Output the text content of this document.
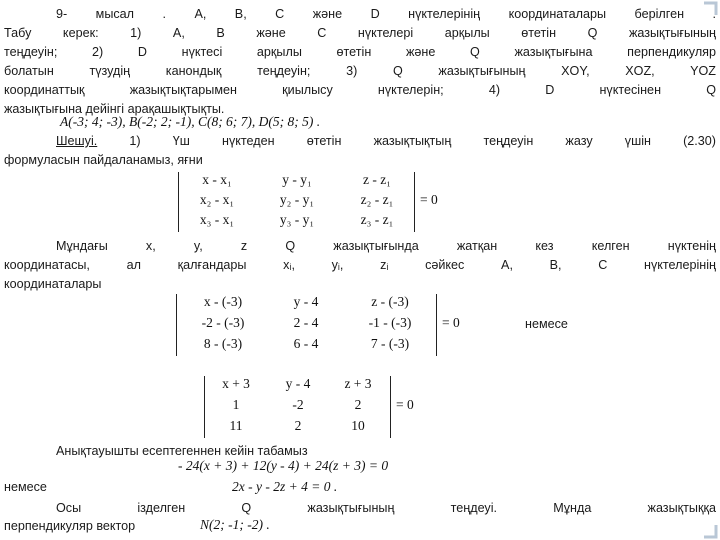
9- мысал . A, B, C және D нүктелерінің координаталары берілген .
Табу керек: 1) A, B және C нүктелері арқылы өтетін Q жазықтығының
теңдеуін; 2) D нүктесі арқылы өтетін және Q жазықтығына перпендикуляр
болатын түзудің канондық теңдеуін; 3) Q жазықтығының XOY, XOZ, YOZ
координаттық жазықтықтарымен қиылысу нүктелерін; 4) D нүктесінен Q
жазықтығына дейінгі арақашықтықты.
A(-3; 4; -3), B(-2; 2; -1), C(8; 6; 7), D(5; 8; 5) .
Шешуі. 1) Үш нүктеден өтетін жазықтықтың теңдеуін жазу үшін (2.30)
формуласын пайдаланамыз, яғни
x - x₁	y - y₁	z - z₁
x₂ - x₁	y₂ - y₁	z₂ - z₁
x₃ - x₁	y₃ - y₁	z₃ - z₁
= 0
Мұндағы x, y, z Q жазықтығында жатқан кез келген нүктенің
координатасы, ал қалғандары xᵢ, yᵢ, zᵢ сәйкес A, B, C нүктелерінің
координаталары
x - (-3)	y - 4	z - (-3)
-2 - (-3)	2 - 4	-1 - (-3)
8 - (-3)	6 - 4	7 - (-3)
= 0	немесе
x + 3	y - 4	z + 3
1	-2	2
11	2	10
= 0
Анықтауышты есептегеннен кейін табамыз
- 24(x + 3) + 12(y - 4) + 24(z + 3) = 0
немесе	2x - y - 2z + 4 = 0 .
Осы ізделген Q жазықтығының теңдеуі. Мұнда жазықтыққа
перпендикуляр вектор	N(2; -1; -2) .
